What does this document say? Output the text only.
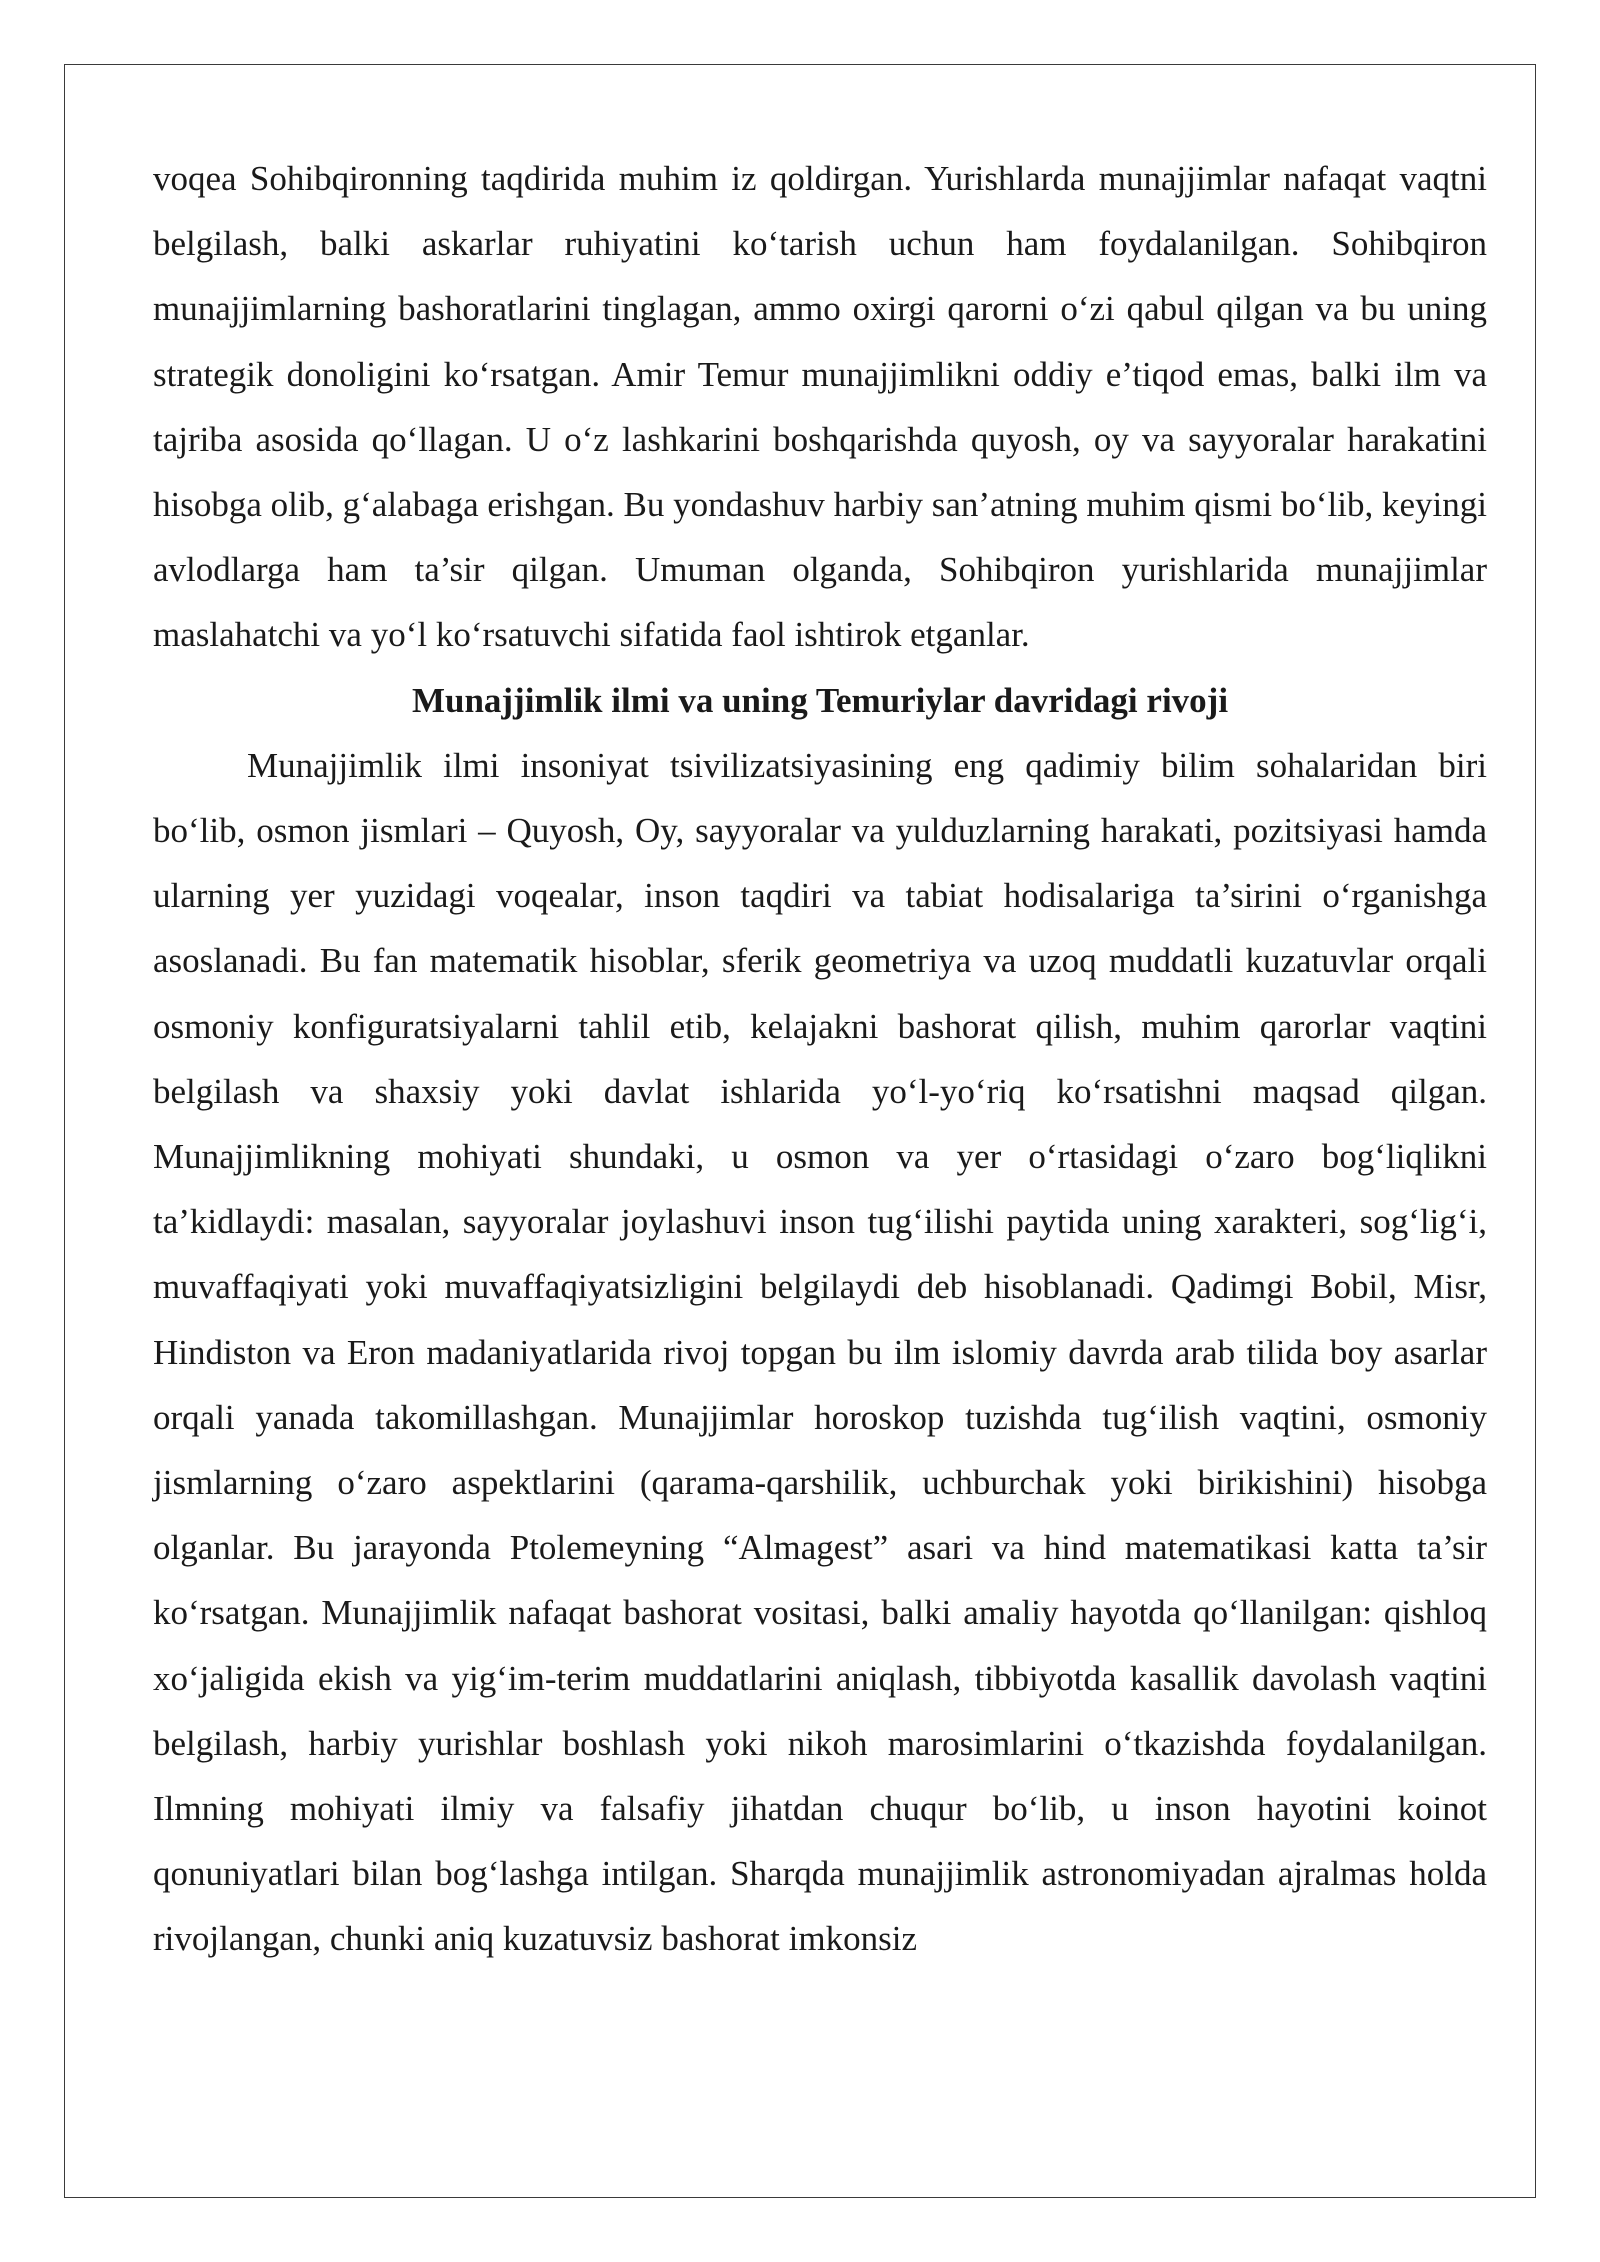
voqea Sohibqironning taqdirida muhim iz qoldirgan. Yurishlarda munajjimlar nafaqat vaqtni belgilash, balki askarlar ruhiyatini ko‘tarish uchun ham foydalanilgan. Sohibqiron munajjimlarning bashoratlarini tinglagan, ammo oxirgi qarorni o‘zi qabul qilgan va bu uning strategik donoligini ko‘rsatgan. Amir Temur munajjimlikni oddiy e’tiqod emas, balki ilm va tajriba asosida qo‘llagan. U o‘z lashkarini boshqarishda quyosh, oy va sayyoralar harakatini hisobga olib, g‘alabaga erishgan. Bu yondashuv harbiy san’atning muhim qismi bo‘lib, keyingi avlodlarga ham ta’sir qilgan. Umuman olganda, Sohibqiron yurishlarida munajjimlar maslahatchi va yo‘l ko‘rsatuvchi sifatida faol ishtirok etganlar.

Munajjimlik ilmi va uning Temuriylar davridagi rivoji

Munajjimlik ilmi insoniyat tsivilizatsiyasining eng qadimiy bilim sohalaridan biri bo‘lib, osmon jismlari – Quyosh, Oy, sayyoralar va yulduzlarning harakati, pozitsiyasi hamda ularning yer yuzidagi voqealar, inson taqdiri va tabiat hodisalariga ta’sirini o‘rganishga asoslanadi. Bu fan matematik hisoblar, sferik geometriya va uzoq muddatli kuzatuvlar orqali osmoniy konfiguratsiyalarni tahlil etib, kelajakni bashorat qilish, muhim qarorlar vaqtini belgilash va shaxsiy yoki davlat ishlarida yo‘l-yo‘riq ko‘rsatishni maqsad qilgan. Munajjimlikning mohiyati shundaki, u osmon va yer o‘rtasidagi o‘zaro bog‘liqlikni ta’kidlaydi: masalan, sayyoralar joylashuvi inson tug‘ilishi paytida uning xarakteri, sog‘lig‘i, muvaffaqiyati yoki muvaffaqiyatsizligini belgilaydi deb hisoblanadi. Qadimgi Bobil, Misr, Hindiston va Eron madaniyatlarida rivoj topgan bu ilm islomiy davrda arab tilida boy asarlar orqali yanada takomillashgan. Munajjimlar horoskop tuzishda tug‘ilish vaqtini, osmoniy jismlarning o‘zaro aspektlarini (qarama-qarshilik, uchburchak yoki birikishini) hisobga olganlar. Bu jarayonda Ptolemeyning “Almagest” asari va hind matematikasi katta ta’sir ko‘rsatgan. Munajjimlik nafaqat bashorat vositasi, balki amaliy hayotda qo‘llanilgan: qishloq xo‘jaligida ekish va yig‘im-terim muddatlarini aniqlash, tibbiyotda kasallik davolash vaqtini belgilash, harbiy yurishlar boshlash yoki nikoh marosimlarini o‘tkazishda foydalanilgan. Ilmning mohiyati ilmiy va falsafiy jihatdan chuqur bo‘lib, u inson hayotini koinot qonuniyatlari bilan bog‘lashga intilgan. Sharqda munajjimlik astronomiyadan ajralmas holda rivojlangan, chunki aniq kuzatuvsiz bashorat imkonsiz
